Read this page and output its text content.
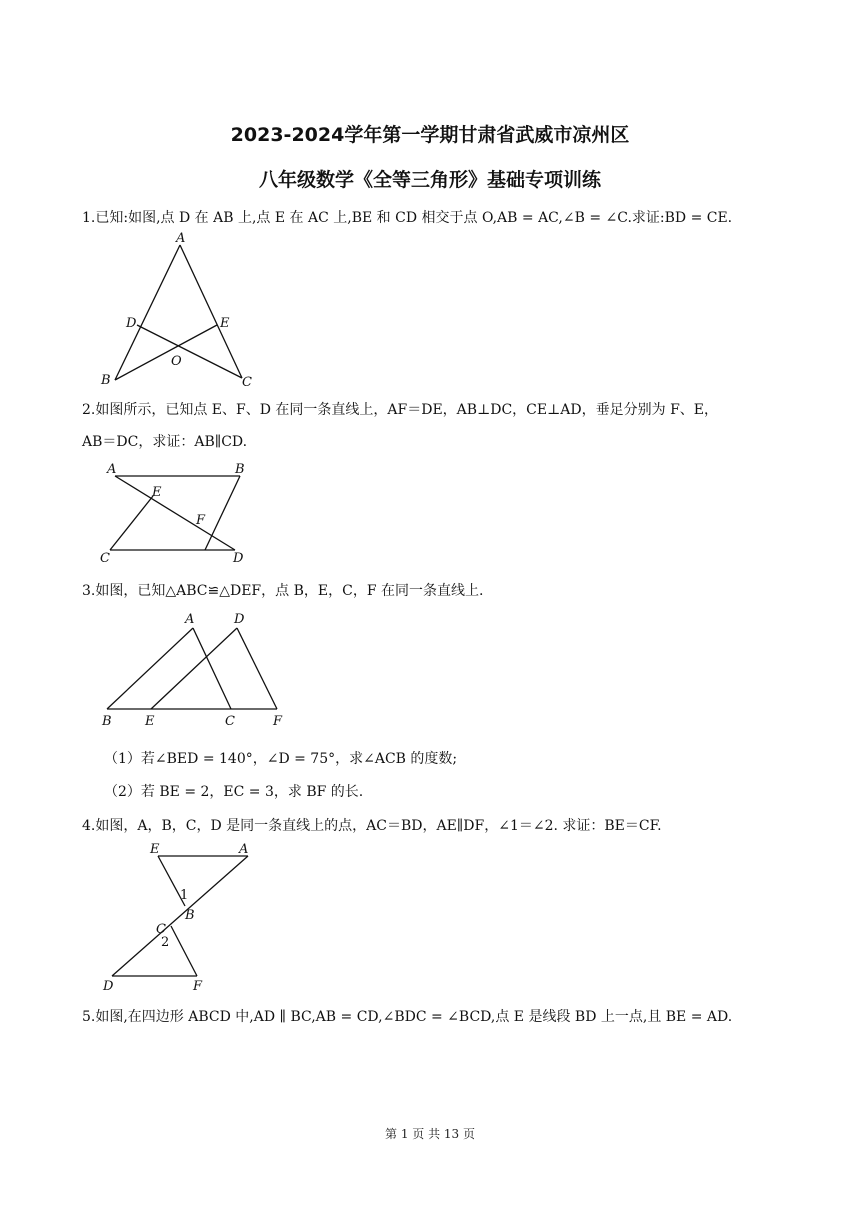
2023-2024学年第一学期甘肃省武威市凉州区
八年级数学《全等三角形》基础专项训练
1.已知:如图,点 D 在 AB 上,点 E 在 AC 上,BE 和 CD 相交于点 O,AB = AC,∠B = ∠C.求证:BD = CE.
A
D	E
O
B	C
2.如图所示，已知点 E、F、D 在同一条直线上，AF＝DE，AB⊥DC，CE⊥AD，垂足分别为 F、E，
AB＝DC，求证：AB∥CD.
A	B
E
F
C	D
3.如图，已知△ABC≌△DEF，点 B，E，C，F 在同一条直线上.
A	D
B	E	C	F
（1）若∠BED = 140°，∠D = 75°，求∠ACB 的度数;
（2）若 BE = 2，EC = 3，求 BF 的长.
4.如图，A，B，C，D 是同一条直线上的点，AC＝BD，AE∥DF，∠1＝∠2. 求证：BE＝CF.
E	A
1
B
C
2
D	F
5.如图,在四边形 ABCD 中,AD ∥ BC,AB = CD,∠BDC = ∠BCD,点 E 是线段 BD 上一点,且 BE = AD.
第 1 页 共 13 页
